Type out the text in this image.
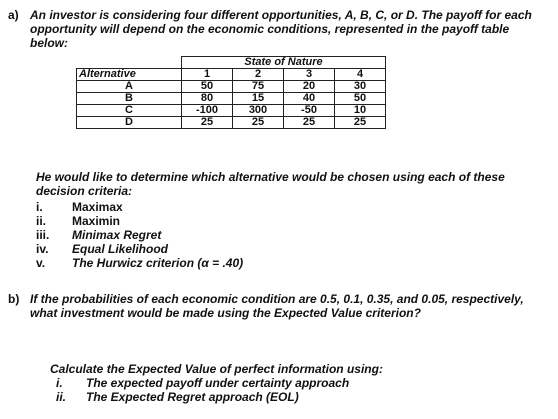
a) An investor is considering four different opportunities, A, B, C, or D. The payoff for each opportunity will depend on the economic conditions, represented in the payoff table below:
	State of Nature			
Alternative	1	2	3	4
A	50	75	20	30
B	80	15	40	50
C	-100	300	-50	10
D	25	25	25	25
He would like to determine which alternative would be chosen using each of these decision criteria:
i.	Maximax
ii.	Maximin
iii.	Minimax Regret
iv.	Equal Likelihood
v.	The Hurwicz criterion (α = .40)
b) If the probabilities of each economic condition are 0.5, 0.1, 0.35, and 0.05, respectively, what investment would be made using the Expected Value criterion?
Calculate the Expected Value of perfect information using:
i.	The expected payoff under certainty approach
ii.	The Expected Regret approach (EOL)
